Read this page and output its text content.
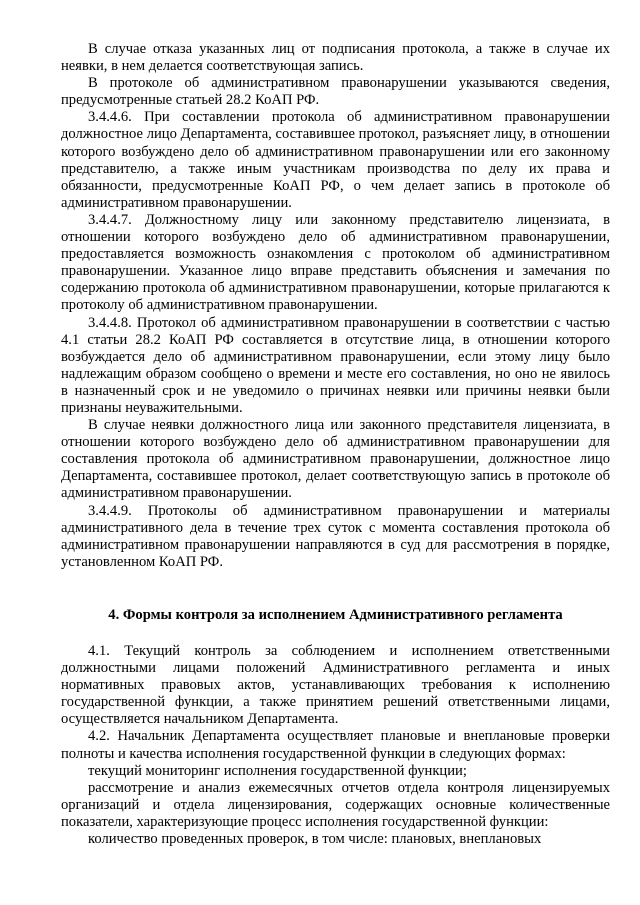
В случае отказа указанных лиц от подписания протокола, а также в случае их неявки, в нем делается соответствующая запись.

В протоколе об административном правонарушении указываются сведения, предусмотренные статьей 28.2 КоАП РФ.

3.4.4.6. При составлении протокола об административном правонарушении должностное лицо Департамента, составившее протокол, разъясняет лицу, в отношении которого возбуждено дело об административном правонарушении или его законному представителю, а также иным участникам производства по делу их права и обязанности, предусмотренные КоАП РФ, о чем делает запись в протоколе об административном правонарушении.

3.4.4.7. Должностному лицу или законному представителю лицензиата, в отношении которого возбуждено дело об административном правонарушении, предоставляется возможность ознакомления с протоколом об административном правонарушении. Указанное лицо вправе представить объяснения и замечания по содержанию протокола об административном правонарушении, которые прилагаются к протоколу об административном правонарушении.

3.4.4.8. Протокол об административном правонарушении в соответствии с частью 4.1 статьи 28.2 КоАП РФ составляется в отсутствие лица, в отношении которого возбуждается дело об административном правонарушении, если этому лицу было надлежащим образом сообщено о времени и месте его составления, но оно не явилось в назначенный срок и не уведомило о причинах неявки или причины неявки были признаны неуважительными.

В случае неявки должностного лица или законного представителя лицензиата, в отношении которого возбуждено дело об административном правонарушении для составления протокола об административном правонарушении, должностное лицо Департамента, составившее протокол, делает соответствующую запись в протоколе об административном правонарушении.

3.4.4.9. Протоколы об административном правонарушении и материалы административного дела в течение трех суток с момента составления протокола об административном правонарушении направляются в суд для рассмотрения в порядке, установленном КоАП РФ.

4. Формы контроля за исполнением Административного регламента

4.1. Текущий контроль за соблюдением и исполнением ответственными должностными лицами положений Административного регламента и иных нормативных правовых актов, устанавливающих требования к исполнению государственной функции, а также принятием решений ответственными лицами, осуществляется начальником Департамента.

4.2. Начальник Департамента осуществляет плановые и внеплановые проверки полноты и качества исполнения государственной функции в следующих формах:

текущий мониторинг исполнения государственной функции;

рассмотрение и анализ ежемесячных отчетов отдела контроля лицензируемых организаций и отдела лицензирования, содержащих основные количественные показатели, характеризующие процесс исполнения государственной функции:

количество проведенных проверок, в том числе: плановых, внеплановых
